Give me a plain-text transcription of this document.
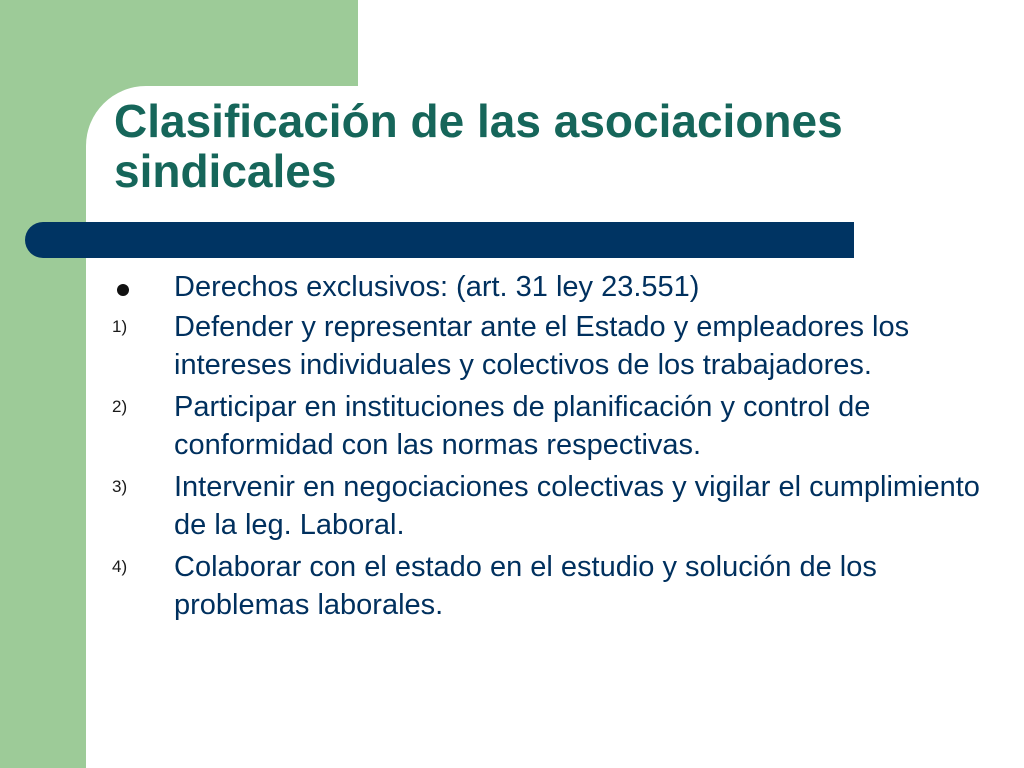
Clasificación de las asociaciones sindicales
Derechos exclusivos: (art. 31 ley 23.551)
1) Defender y representar ante el Estado y empleadores los intereses individuales y colectivos de los trabajadores.
2) Participar en instituciones de planificación y control de conformidad con las normas respectivas.
3) Intervenir en negociaciones colectivas y vigilar el cumplimiento de la leg. Laboral.
4) Colaborar con el estado en el estudio y solución de los problemas laborales.
